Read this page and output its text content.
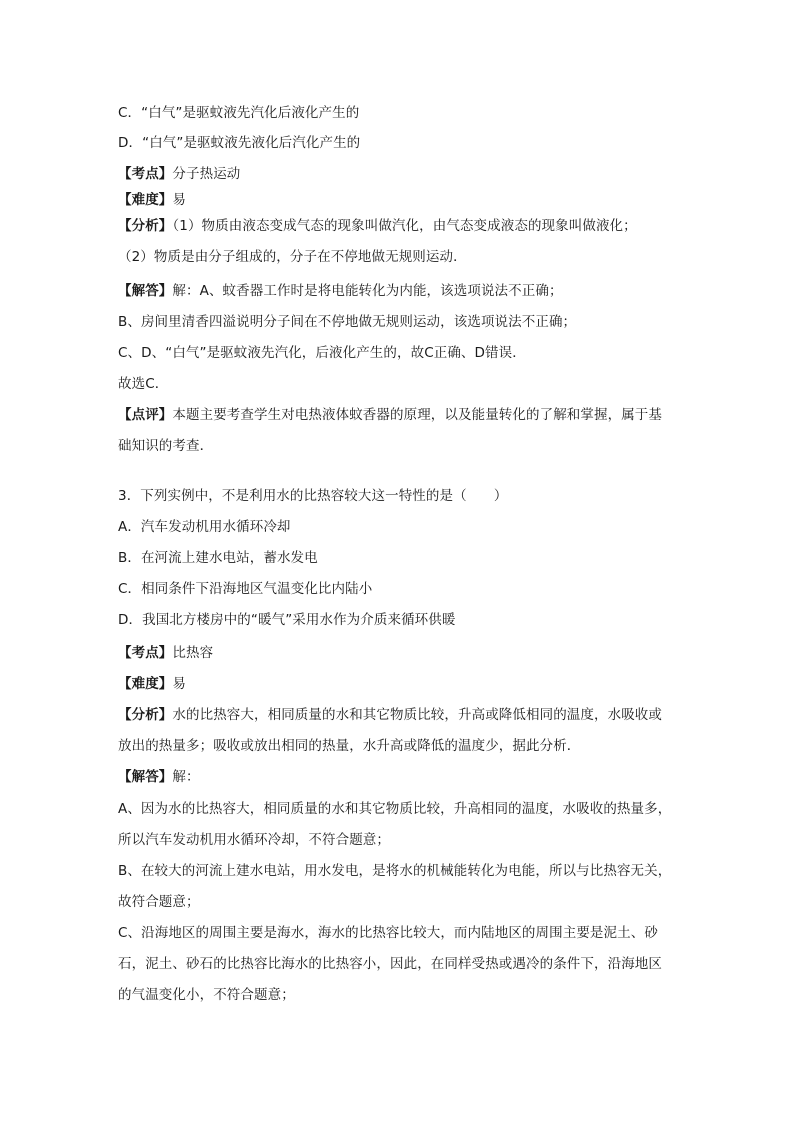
C．“白气”是驱蚊液先汽化后液化产生的
D．“白气”是驱蚊液先液化后汽化产生的
【考点】分子热运动
【难度】易
【分析】（1）物质由液态变成气态的现象叫做汽化，由气态变成液态的现象叫做液化；
（2）物质是由分子组成的，分子在不停地做无规则运动．
【解答】解：A、蚊香器工作时是将电能转化为内能，该选项说法不正确；
B、房间里清香四溢说明分子间在不停地做无规则运动，该选项说法不正确；
C、D、“白气”是驱蚊液先汽化，后液化产生的，故C正确、D错误．
故选C．
【点评】本题主要考查学生对电热液体蚊香器的原理，以及能量转化的了解和掌握，属于基
础知识的考查．
3．下列实例中，不是利用水的比热容较大这一特性的是（　　）
A．汽车发动机用水循环冷却
B．在河流上建水电站，蓄水发电
C．相同条件下沿海地区气温变化比内陆小
D．我国北方楼房中的“暖气”采用水作为介质来循环供暖
【考点】比热容
【难度】易
【分析】水的比热容大，相同质量的水和其它物质比较，升高或降低相同的温度，水吸收或
放出的热量多；吸收或放出相同的热量，水升高或降低的温度少，据此分析．
【解答】解：
A、因为水的比热容大，相同质量的水和其它物质比较，升高相同的温度，水吸收的热量多，
所以汽车发动机用水循环冷却，不符合题意；
B、在较大的河流上建水电站，用水发电，是将水的机械能转化为电能，所以与比热容无关，
故符合题意；
C、沿海地区的周围主要是海水，海水的比热容比较大，而内陆地区的周围主要是泥土、砂
石，泥土、砂石的比热容比海水的比热容小，因此，在同样受热或遇冷的条件下，沿海地区
的气温变化小，不符合题意；
